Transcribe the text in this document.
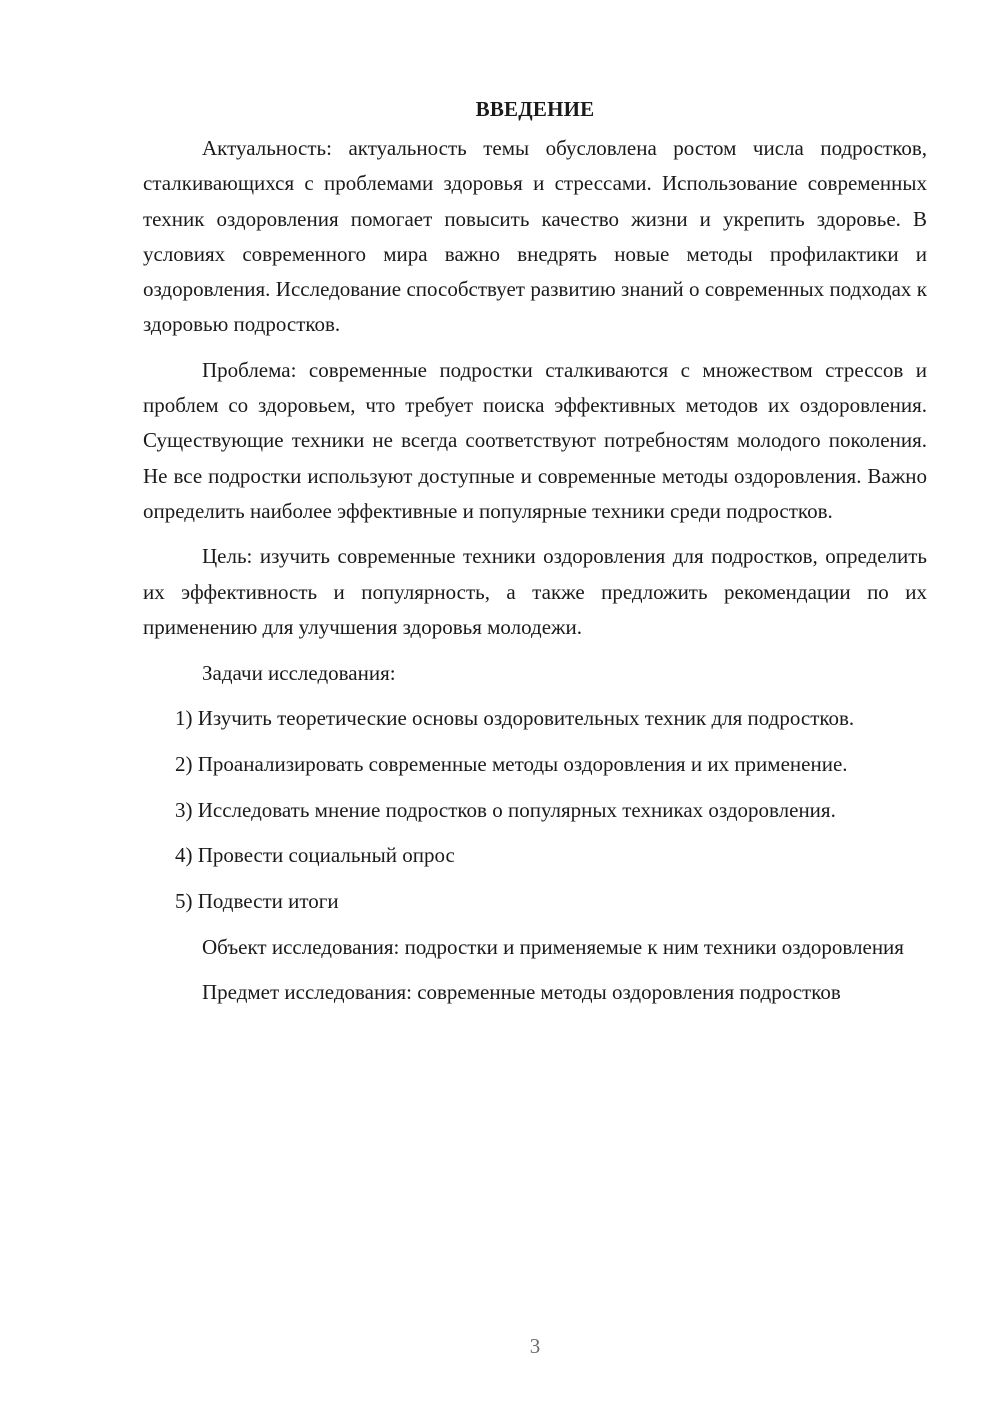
ВВЕДЕНИЕ

Актуальность: актуальность темы обусловлена ростом числа подростков, сталкивающихся с проблемами здоровья и стрессами. Использование современных техник оздоровления помогает повысить качество жизни и укрепить здоровье. В условиях современного мира важно внедрять новые методы профилактики и оздоровления. Исследование способствует развитию знаний о современных подходах к здоровью подростков.

Проблема: современные подростки сталкиваются с множеством стрессов и проблем со здоровьем, что требует поиска эффективных методов их оздоровления. Существующие техники не всегда соответствуют потребностям молодого поколения. Не все подростки используют доступные и современные методы оздоровления. Важно определить наиболее эффективные и популярные техники среди подростков.

Цель: изучить современные техники оздоровления для подростков, определить их эффективность и популярность, а также предложить рекомендации по их применению для улучшения здоровья молодежи.

Задачи исследования:

1) Изучить теоретические основы оздоровительных техник для подростков.

2) Проанализировать современные методы оздоровления и их применение.

3) Исследовать мнение подростков о популярных техниках оздоровления.

4) Провести социальный опрос

5) Подвести итоги

Объект исследования: подростки и применяемые к ним техники оздоровления

Предмет исследования: современные методы оздоровления подростков

3
